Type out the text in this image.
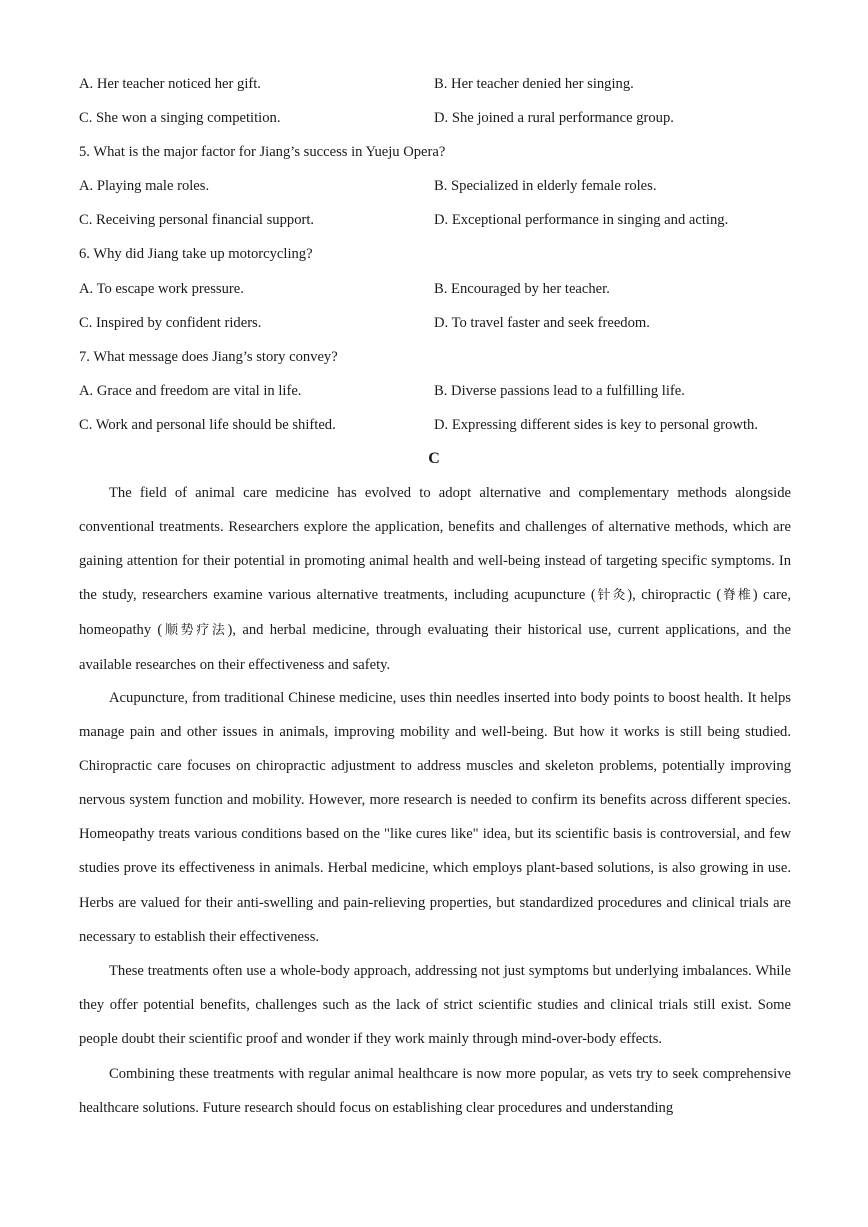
A. Her teacher noticed her gift.	B. Her teacher denied her singing.
C. She won a singing competition.	D. She joined a rural performance group.
5. What is the major factor for Jiang’s success in Yueju Opera?
A. Playing male roles.	B. Specialized in elderly female roles.
C. Receiving personal financial support.	D. Exceptional performance in singing and acting.
6. Why did Jiang take up motorcycling?
A. To escape work pressure.	B. Encouraged by her teacher.
C. Inspired by confident riders.	D. To travel faster and seek freedom.
7. What message does Jiang’s story convey?
A. Grace and freedom are vital in life.	B. Diverse passions lead to a fulfilling life.
C. Work and personal life should be shifted.	D. Expressing different sides is key to personal growth.
C

The field of animal care medicine has evolved to adopt alternative and complementary methods alongside conventional treatments. Researchers explore the application, benefits and challenges of alternative methods, which are gaining attention for their potential in promoting animal health and well-being instead of targeting specific symptoms. In the study, researchers examine various alternative treatments, including acupuncture (针灸), chiropractic (脊椎) care, homeopathy (顺势疗法), and herbal medicine, through evaluating their historical use, current applications, and the available researches on their effectiveness and safety.

Acupuncture, from traditional Chinese medicine, uses thin needles inserted into body points to boost health. It helps manage pain and other issues in animals, improving mobility and well-being. But how it works is still being studied. Chiropractic care focuses on chiropractic adjustment to address muscles and skeleton problems, potentially improving nervous system function and mobility. However, more research is needed to confirm its benefits across different species. Homeopathy treats various conditions based on the "like cures like" idea, but its scientific basis is controversial, and few studies prove its effectiveness in animals. Herbal medicine, which employs plant-based solutions, is also growing in use. Herbs are valued for their anti-swelling and pain-relieving properties, but standardized procedures and clinical trials are necessary to establish their effectiveness.

These treatments often use a whole-body approach, addressing not just symptoms but underlying imbalances. While they offer potential benefits, challenges such as the lack of strict scientific studies and clinical trials still exist. Some people doubt their scientific proof and wonder if they work mainly through mind-over-body effects.

Combining these treatments with regular animal healthcare is now more popular, as vets try to seek comprehensive healthcare solutions. Future research should focus on establishing clear procedures and understanding
